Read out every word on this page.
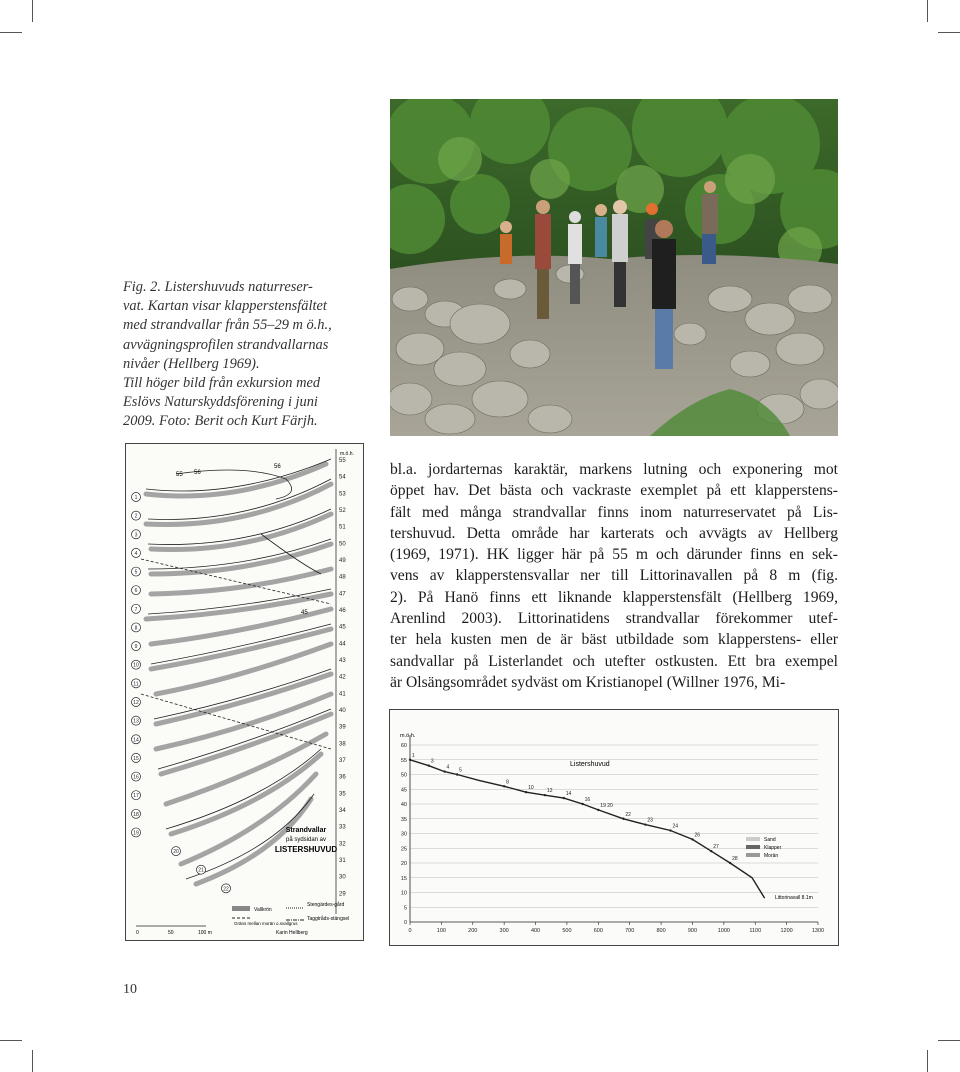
Fig. 2. Listershuvuds naturreser-
vat. Kartan visar klapperstensfältet
med strandvallar från 55–29 m ö.h.,
avvägningsprofilen strandvallarnas
nivåer (Hellberg 1969).
Till höger bild från exkursion med
Eslövs Naturskyddsförening i juni
2009. Foto: Berit och Kurt Färjh.
55
54
53
52
51
50
49
48
47
46
45
44
43
42
41
40
39
38
37
36
35
34
33
32
31
30
29
1
2
3
4
5
6
7
8
9
10
11
12
13
14
15
16
17
18
19
20
21
22
55 56
56
45
m.ö.h.
Strandvallar
på sydsidan av
LISTERSHUVUD
Vallkrön
Stengärdes-gård
Gräns mellan morän o.svallgrus
Taggtråds-stängsel
Karin Hellberg
0	50	100 m
bl.a. jordarternas karaktär, markens lutning och exponering mot
öppet hav. Det bästa och vackraste exemplet på ett klapperstens-
fält med många strandvallar finns inom naturreservatet på Lis-
tershuvud. Detta område har karterats och avvägts av Hellberg
(1969, 1971). HK ligger här på 55 m och därunder finns en sek-
vens av klapperstensvallar ner till Littorinavallen på 8 m (fig.
2). På Hanö finns ett liknande klapperstensfält (Hellberg 1969,
Arenlind 2003). Littorinatidens strandvallar förekommer utef-
ter hela kusten men de är bäst utbildade som klapperstens- eller
sandvallar på Listerlandet och utefter ostkusten. Ett bra exempel
är Olsängsområdet sydväst om Kristianopel (Willner 1976, Mi-
60
55
50
45
40
35
30
25
20
15
10
5
0
0	100	200	300	400	500	600	700	800	900	1000	1100	1200	1300
1
3
4 5
8
10	12	14
16
19 20
22
23
24
26
27
28
m.ö.h.
Listershuvud
Littorinavall 8.1m
Sand
Klapper
Morän
10
